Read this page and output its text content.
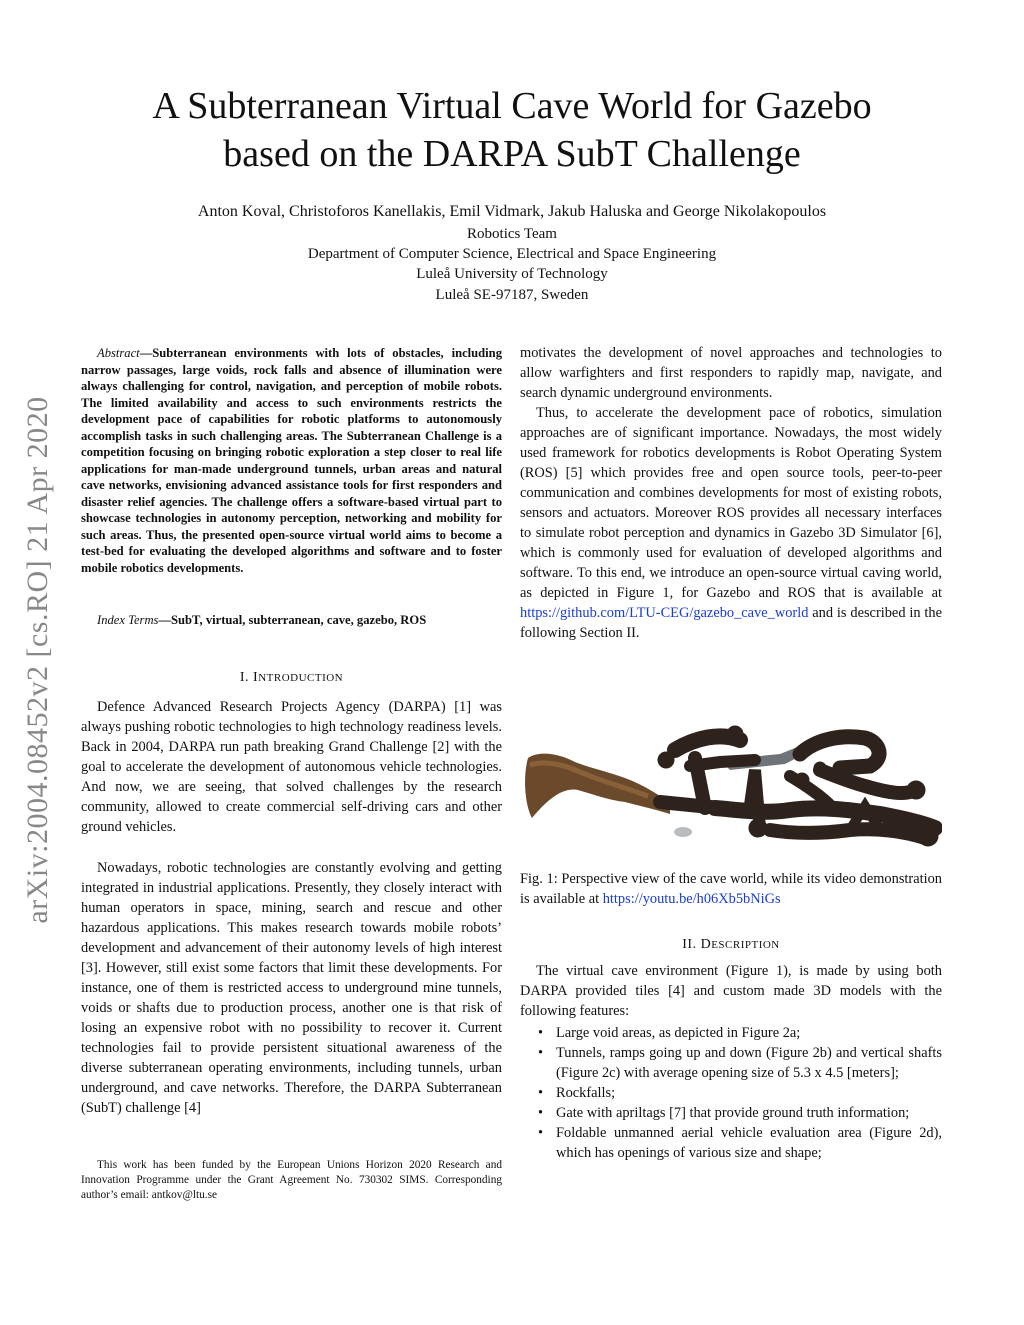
A Subterranean Virtual Cave World for Gazebo
based on the DARPA SubT Challenge
Anton Koval, Christoforos Kanellakis, Emil Vidmark, Jakub Haluska and George Nikolakopoulos
Robotics Team
Department of Computer Science, Electrical and Space Engineering
Luleå University of Technology
Luleå SE-97187, Sweden
arXiv:2004.08452v2 [cs.RO] 21 Apr 2020
Abstract—Subterranean environments with lots of obstacles, including narrow passages, large voids, rock falls and absence of illumination were always challenging for control, navigation, and perception of mobile robots. The limited availability and access to such environments restricts the development pace of capabilities for robotic platforms to autonomously accomplish tasks in such challenging areas. The Subterranean Challenge is a competition focusing on bringing robotic exploration a step closer to real life applications for man-made underground tunnels, urban areas and natural cave networks, envisioning advanced assistance tools for first responders and disaster relief agencies. The challenge offers a software-based virtual part to showcase technologies in autonomy perception, networking and mobility for such areas. Thus, the presented open-source virtual world aims to become a test-bed for evaluating the developed algorithms and software and to foster mobile robotics developments.
Index Terms—SubT, virtual, subterranean, cave, gazebo, ROS
I. INTRODUCTION
Defence Advanced Research Projects Agency (DARPA) [1] was always pushing robotic technologies to high technology readiness levels. Back in 2004, DARPA run path breaking Grand Challenge [2] with the goal to accelerate the development of autonomous vehicle technologies. And now, we are seeing, that solved challenges by the research community, allowed to create commercial self-driving cars and other ground vehicles.
Nowadays, robotic technologies are constantly evolving and getting integrated in industrial applications. Presently, they closely interact with human operators in space, mining, search and rescue and other hazardous applications. This makes research towards mobile robots’ development and advancement of their autonomy levels of high interest [3]. However, still exist some factors that limit these developments. For instance, one of them is restricted access to underground mine tunnels, voids or shafts due to production process, another one is that risk of losing an expensive robot with no possibility to recover it. Current technologies fail to provide persistent situational awareness of the diverse subterranean operating environments, including tunnels, urban underground, and cave networks. Therefore, the DARPA Subterranean (SubT) challenge [4]
This work has been funded by the European Unions Horizon 2020 Research and Innovation Programme under the Grant Agreement No. 730302 SIMS. Corresponding author’s email: antkov@ltu.se
motivates the development of novel approaches and technologies to allow warfighters and first responders to rapidly map, navigate, and search dynamic underground environments.
Thus, to accelerate the development pace of robotics, simulation approaches are of significant importance. Nowadays, the most widely used framework for robotics developments is Robot Operating System (ROS) [5] which provides free and open source tools, peer-to-peer communication and combines developments for most of existing robots, sensors and actuators. Moreover ROS provides all necessary interfaces to simulate robot perception and dynamics in Gazebo 3D Simulator [6], which is commonly used for evaluation of developed algorithms and software. To this end, we introduce an open-source virtual caving world, as depicted in Figure 1, for Gazebo and ROS that is available at https://github.com/LTU-CEG/gazebo_cave_world and is described in the following Section II.
Fig. 1: Perspective view of the cave world, while its video demonstration is available at https://youtu.be/h06Xb5bNiGs
II. DESCRIPTION
The virtual cave environment (Figure 1), is made by using both DARPA provided tiles [4] and custom made 3D models with the following features:
• Large void areas, as depicted in Figure 2a;
• Tunnels, ramps going up and down (Figure 2b) and vertical shafts (Figure 2c) with average opening size of 5.3 x 4.5 [meters];
• Rockfalls;
• Gate with apriltags [7] that provide ground truth information;
• Foldable unmanned aerial vehicle evaluation area (Figure 2d), which has openings of various size and shape;
